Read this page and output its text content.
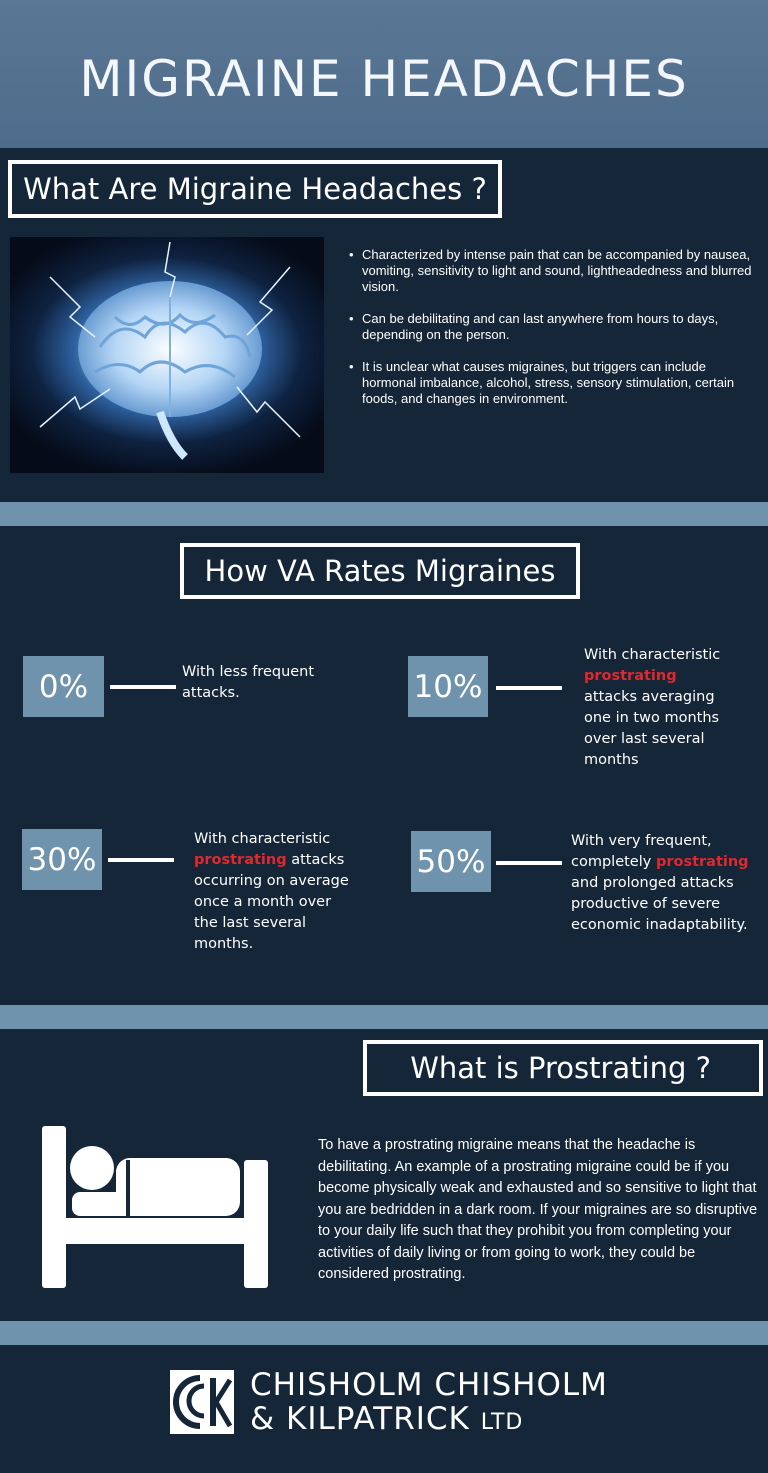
MIGRAINE HEADACHES
What Are Migraine Headaches ?
• Characterized by intense pain that can be accompanied by nausea, vomiting, sensitivity to light and sound, lightheadedness and blurred vision.
• Can be debilitating and can last anywhere from hours to days, depending on the person.
• It is unclear what causes migraines, but triggers can include hormonal imbalance, alcohol, stress, sensory stimulation, certain foods, and changes in environment.
How VA Rates Migraines
0%	With less frequent attacks.	10%
With characteristic prostrating attacks averaging one in two months over last several months
30%
With characteristic prostrating attacks occurring on average once a month over the last several months.
50%
With very frequent, completely prostrating and prolonged attacks productive of severe economic inadaptability.
What is Prostrating ?
To have a prostrating migraine means that the headache is debilitating. An example of a prostrating migraine could be if you become physically weak and exhausted and so sensitive to light that you are bedridden in a dark room. If your migraines are so disruptive to your daily life such that they prohibit you from completing your activities of daily living or from going to work, they could be considered prostrating.
CHISHOLM CHISHOLM
& KILPATRICK LTD
